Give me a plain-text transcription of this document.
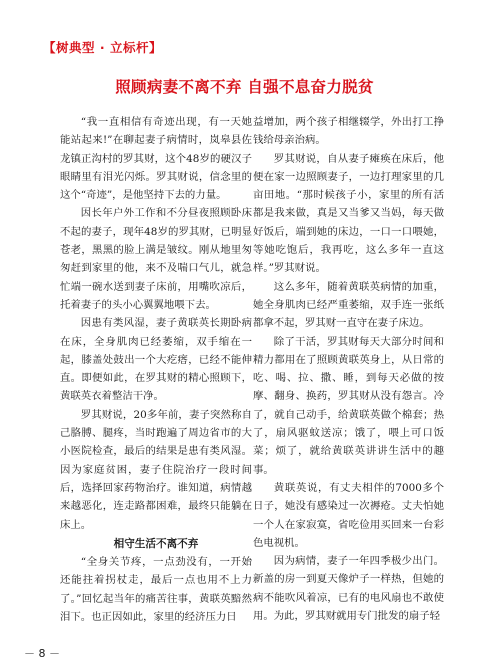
【树典型 · 立标杆】
照顾病妻不离不弃 自强不息奋力脱贫

“我一直相信有奇迹出现，有一天她能站起来!”在聊起妻子病情时，岚皋县佐龙镇正沟村的罗其财，这个48岁的硬汉子眼睛里有泪光闪烁。罗其财说，信念里的这个“奇迹”，是他坚持下去的力量。

因长年户外工作和不分昼夜照顾卧床不起的妻子，现年48岁的罗其财，已明显苍老，黑黑的脸上满是皱纹。刚从地里匆匆赶到家里的他，来不及喘口气儿，就急忙端一碗水送到妻子床前，用嘴吹凉后，托着妻子的头小心翼翼地喂下去。

因患有类风湿，妻子黄联英长期卧病在床，全身肌肉已经萎缩，双手缩在一起，膝盖处鼓出一个大疙瘩，已经不能伸直。即便如此，在罗其财的精心照顾下，黄联英衣着整洁干净。

罗其财说，20多年前，妻子突然称自己胳膊、腿疼，当时跑遍了周边省市的大小医院检查，最后的结果是患有类风湿。因为家庭贫困，妻子住院治疗一段时间后，选择回家药物治疗。谁知道，病情越来越恶化，连走路都困难，最终只能躺在床上。

相守生活不离不弃

“全身关节疼，一点劲没有，一开始还能拄着拐杖走，最后一点也用不上力了。”回忆起当年的痛苦往事，黄联英黯然泪下。也正因如此，家里的经济压力日

益增加，两个孩子相继辍学，外出打工挣钱给母亲治病。

罗其财说，自从妻子瘫痪在床后，他便在家一边照顾妻子，一边打理家里的几亩田地。“那时候孩子小，家里的所有活都是我来做，真是又当爹又当妈，每天做好饭后，端到她的床边，一口一口喂她，等她吃饱后，我再吃，这么多年一直这样。”罗其财说。

这么多年，随着黄联英病情的加重，她全身肌肉已经严重萎缩，双手连一张纸都拿不起，罗其财一直守在妻子床边。

除了干活，罗其财每天大部分时间和精力都用在了照顾黄联英身上，从日常的吃、喝、拉、撒、睡，到每天必做的按摩、翻身、换药，罗其财从没有怨言。冷了，就自己动手，给黄联英做个棉套；热了，扇风驱蚊送凉；饿了，喂上可口饭菜；烦了，就给黄联英讲讲生活中的趣事。

黄联英说，有丈夫相伴的7000多个日子，她没有感染过一次褥疮。丈夫怕她一个人在家寂寞，省吃俭用买回来一台彩色电视机。

因为病情，妻子一年四季极少出门。新盖的房一到夏天像炉子一样热，但她的病不能吹风着凉，已有的电风扇也不敢使用。为此，罗其财就用专门批发的扇子轻

－ 8 －
